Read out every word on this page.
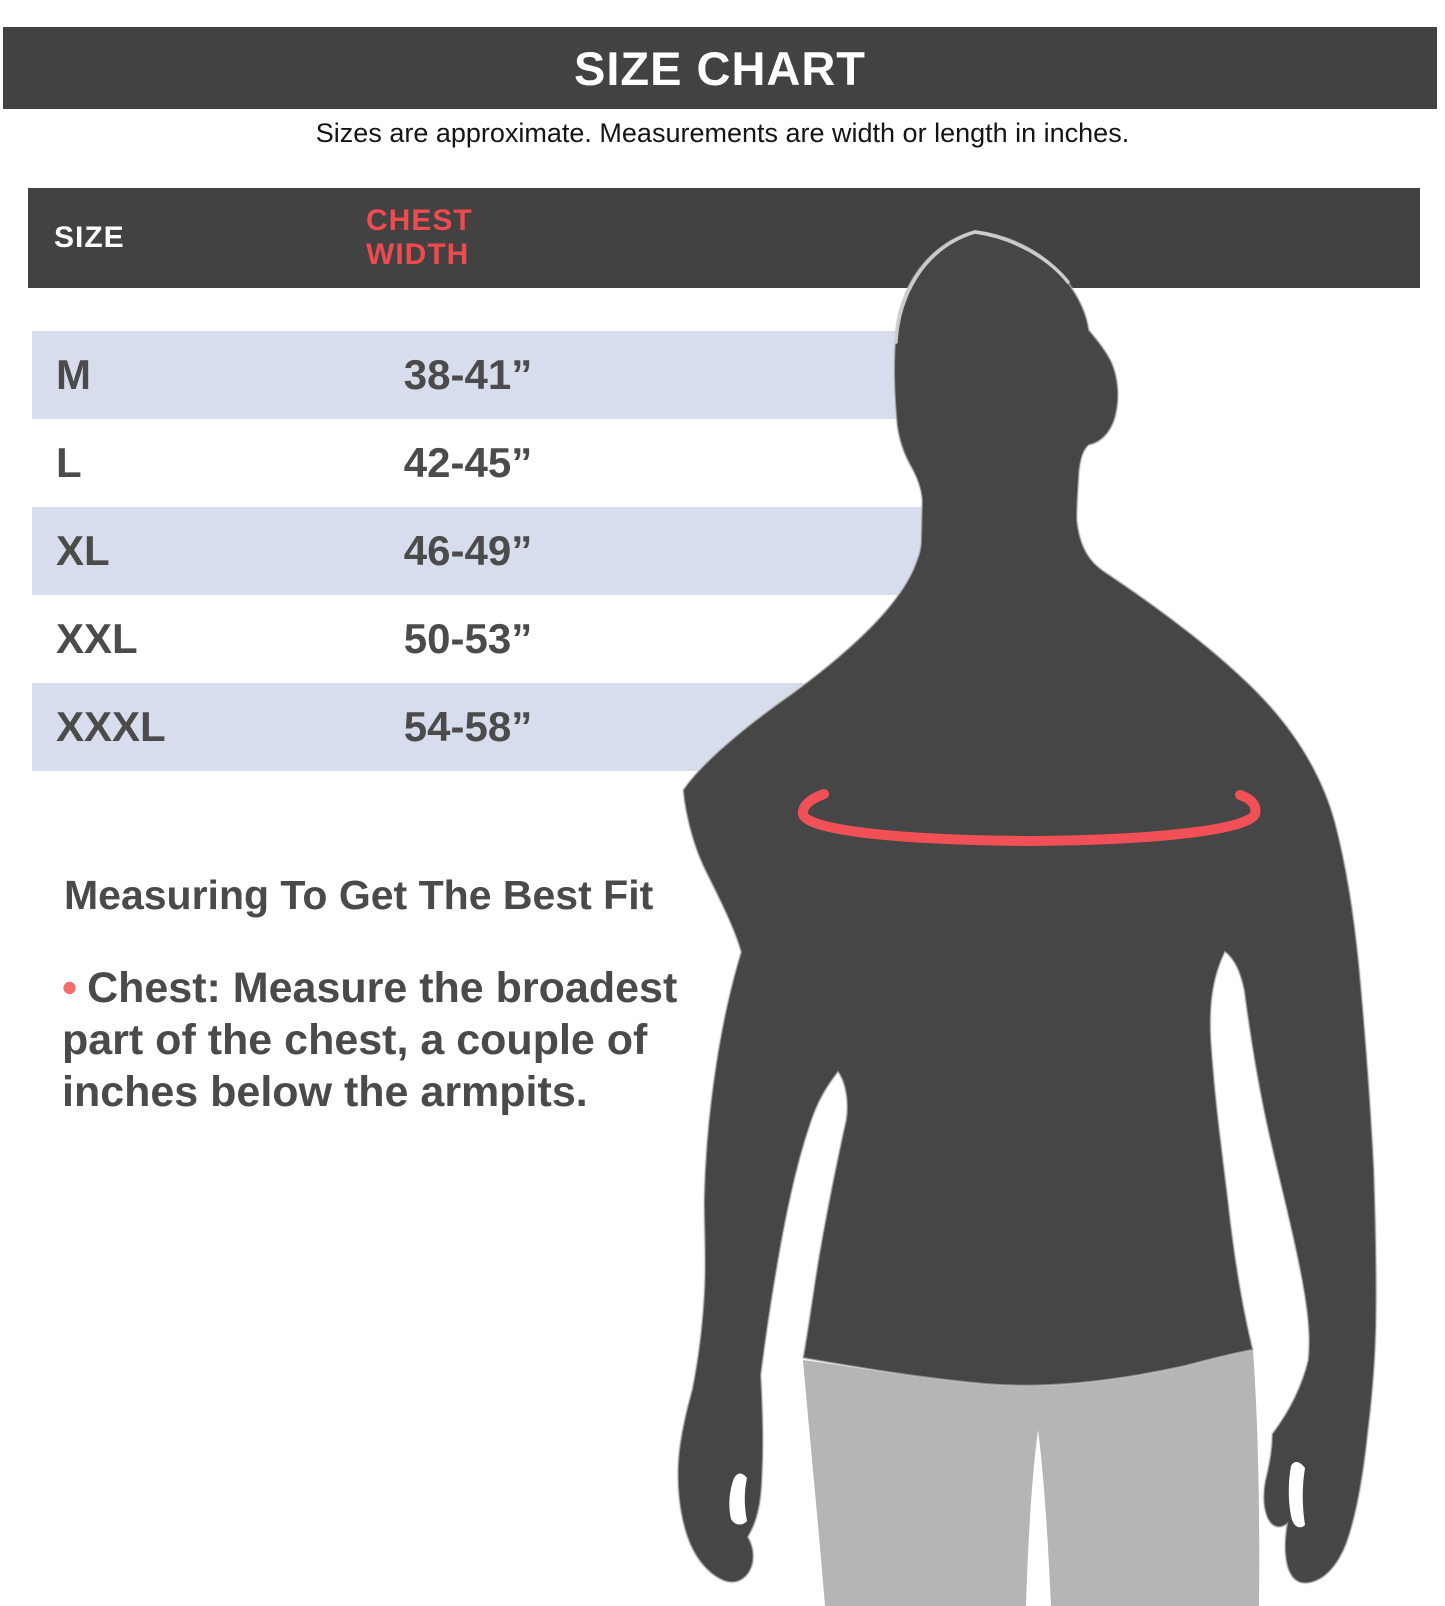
SIZE CHART
Sizes are approximate. Measurements are width or length in inches.
SIZE
CHEST WIDTH
M	38-41”
L	42-45”
XL	46-49”
XXL	50-53”
XXXL	54-58”
Measuring To Get The Best Fit
• Chest: Measure the broadest part of the chest, a couple of inches below the armpits.
